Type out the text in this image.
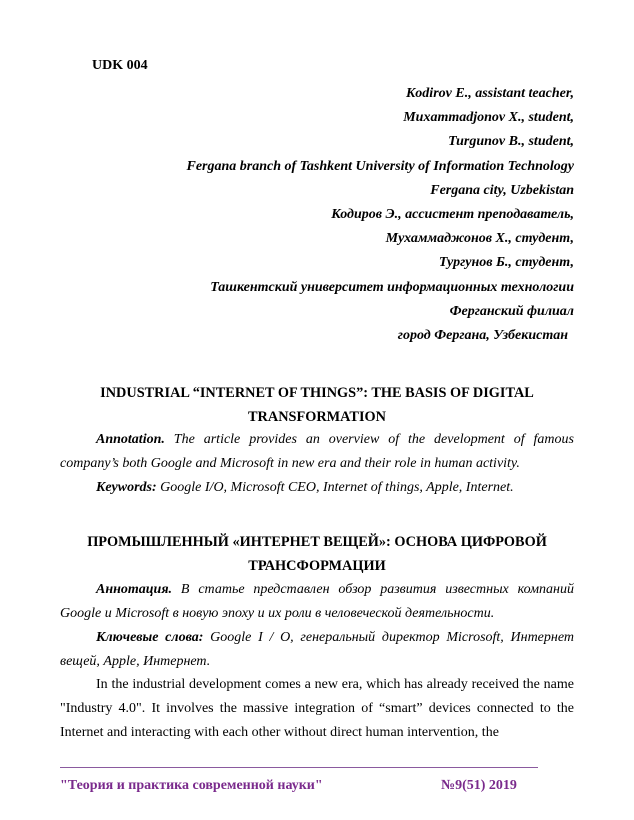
UDK 004
Kodirov E., assistant teacher,
Muxammadjonov X., student,
Turgunov B., student,
Fergana branch of Tashkent University of Information Technology
Fergana city, Uzbekistan
Кодиров Э., ассистент преподаватель,
Мухаммаджонов Х., студент,
Тургунов Б., студент,
Ташкентский университет информационных технологии
Ферганский филиал
город Фергана, Узбекистан
INDUSTRIAL “INTERNET OF THINGS”: THE BASIS OF DIGITAL TRANSFORMATION
Annotation. The article provides an overview of the development of famous company’s both Google and Microsoft in new era and their role in human activity.
Keywords: Google I/O, Microsoft CEO, Internet of things, Apple, Internet.
ПРОМЫШЛЕННЫЙ «ИНТЕРНЕТ ВЕЩЕЙ»: ОСНОВА ЦИФРОВОЙ ТРАНСФОРМАЦИИ
Аннотация. В статье представлен обзор развития известных компаний Google и Microsoft в новую эпоху и их роли в человеческой деятельности.
Ключевые слова: Google I / O, генеральный директор Microsoft, Интернет вещей, Apple, Интернет.
In the industrial development comes a new era, which has already received the name "Industry 4.0". It involves the massive integration of “smart” devices connected to the Internet and interacting with each other without direct human intervention, the
"Теория и практика современной науки"	№9(51) 2019
